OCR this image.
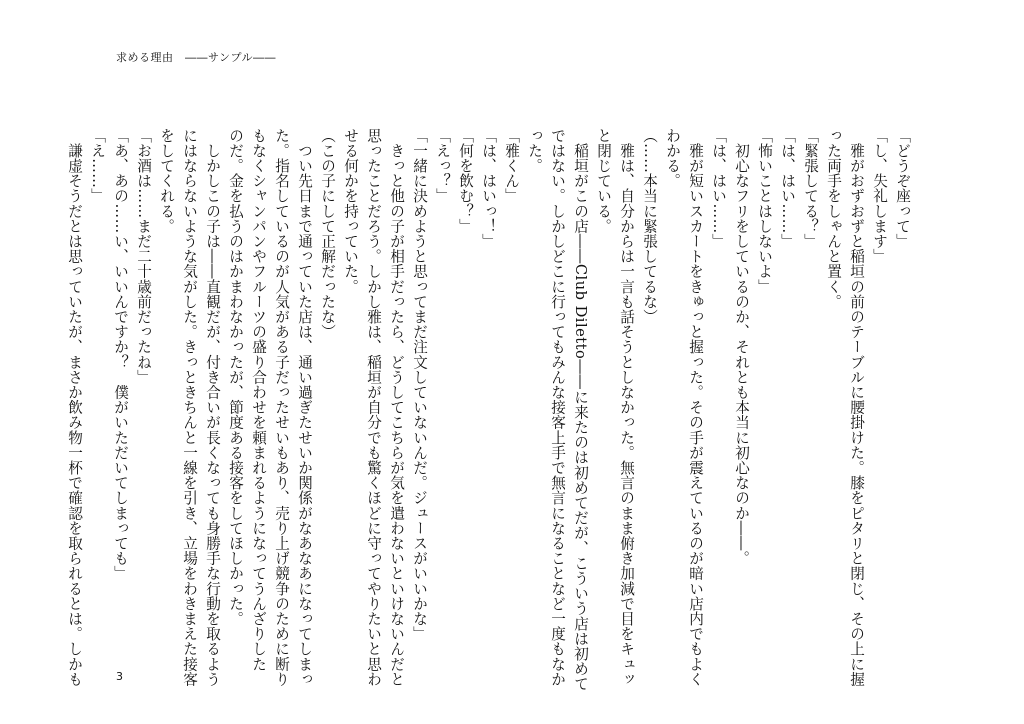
求める理由　――サンプル――
「どうぞ座って」
「し、失礼します」
　雅がおずおずと稲垣の前のテーブルに腰掛けた。膝をピタリと閉じ、その上に握
った両手をしゃんと置く。
「緊張してる？」
「は、はい……」
「怖いことはしないよ」
　初心なフリをしているのか、それとも本当に初心なのか――。
「は、はい……」
　雅が短いスカートをきゅっと握った。その手が震えているのが暗い店内でもよく
わかる。
（……本当に緊張してるな）
　雅は、自分からは一言も話そうとしなかった。無言のまま俯き加減で目をキュッ
と閉じている。
　稲垣がこの店――Club Diletto――に来たのは初めてだが、こういう店は初めて
ではない。しかしどこに行ってもみんな接客上手で無言になることなど一度もなか
った。
「雅くん」
「は、はいっ！」
「何を飲む？」
「えっ？」
「一緒に決めようと思ってまだ注文していないんだ。ジュースがいいかな」
　きっと他の子が相手だったら、どうしてこちらが気を遣わないといけないんだと
思ったことだろう。しかし雅は、稲垣が自分でも驚くほどに守ってやりたいと思わ
せる何かを持っていた。
（この子にして正解だったな）
　つい先日まで通っていた店は、通い過ぎたせいか関係がなあなあになってしまっ
た。指名しているのが人気がある子だったせいもあり、売り上げ競争のために断り
もなくシャンパンやフルーツの盛り合わせを頼まれるようになってうんざりした
のだ。金を払うのはかまわなかったが、節度ある接客をしてほしかった。
　しかしこの子は――直観だが、付き合いが長くなっても身勝手な行動を取るよう
にはならないような気がした。きっときちんと一線を引き、立場をわきまえた接客
をしてくれる。
「お酒は……まだ二十歳前だったね」
「あ、あの……い、いいんですか？　僕がいただいてしまっても」
「え……」
　謙虚そうだとは思っていたが、まさか飲み物一杯で確認を取られるとは。しかも	3
